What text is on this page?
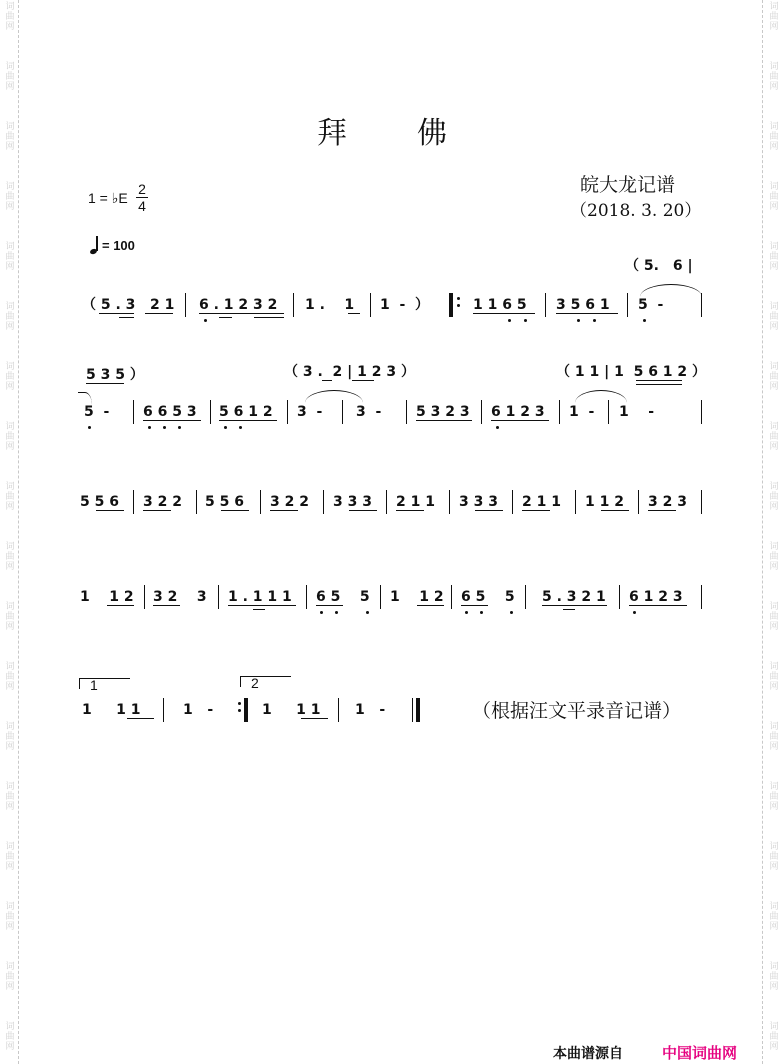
词
曲
网
词
曲
网
词
曲
网
词
曲
网
词
曲
网
词
曲
网
词
曲
网
词
曲
网
词
曲
网
词
曲
网
词
曲
网
词
曲
网
词
曲
网
词
曲
网
词
曲
网
词
曲
网
词
曲
网
词
曲
网
词
曲
网
词
曲
网
词
曲
网
词
曲
网
词
曲
网
词
曲
网
词
曲
网
词
曲
网
词
曲
网
词
曲
网
词
曲
网
词
曲
网
词
曲
网
词
曲
网
词
曲
网
词
曲
网
词
曲
网
词
曲
网
拜　佛
皖大龙记谱
（2018. 3. 20）
1 = ♭E $\frac{2}{4}$
= 100
（ 5.　6 |
（ 5 . 3   2 1 6 . 1 2 3 2 1 .    1 1  -  ）	1 1 6 5 3 5 6 1 5  -
5 3 5 ）	（ 3 .  2 | 1 2 3 ）	（ 1 1 | 1  5 6 1 2 ）
5  - 6 6 5 3 5 6 1 2 3  - 3  - 5 3 2 3 6 1 2 3 1  - 1    -
5 5 6 3 2 2 5 5 6 3 2 2 3 3 3 2 1 1 3 3 3 2 1 1 1 1 2 3 2 3
1    1 2 3 2    3 1 . 1 1 1 6 5    5 1    1 2 6 5    5 5 . 3 2 1 6 1 2 3
1	2
1     1 1	1   -	1     1 1 1   -	（根据汪文平录音记谱）
本曲谱源自	中国词曲网
